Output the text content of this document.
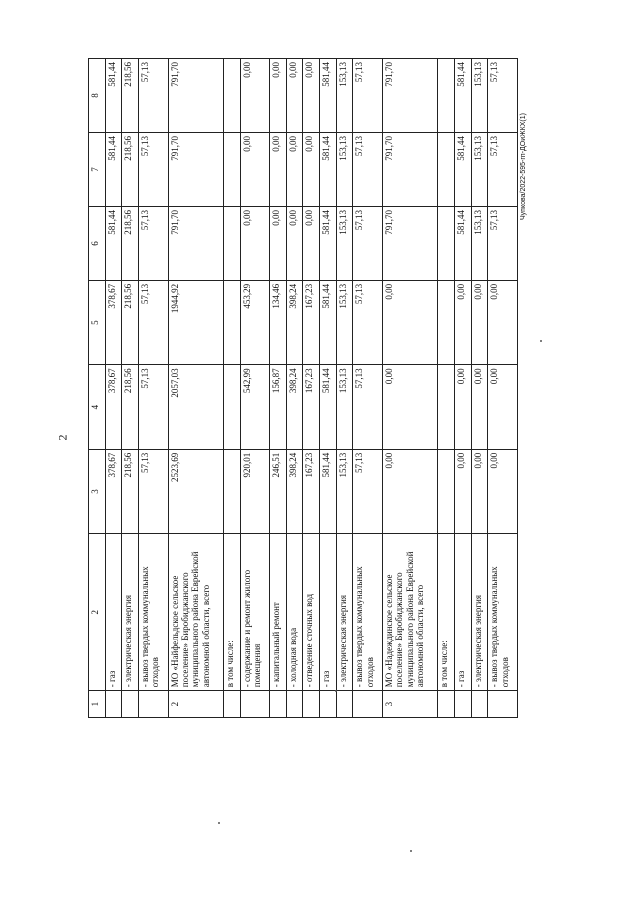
1	2	3	4	5	6	7	8
	- газ	378,67	378,67	378,67	581,44	581,44	581,44
	- электрическая энергия	218,56	218,56	218,56	218,56	218,56	218,56
	- вывоз твердых коммунальных отходов	57,13	57,13	57,13	57,13	57,13	57,13
2	МО «Найфельдское сельское поселение» Биробиджанского муниципального района Еврейской автономной области, всего	2523,69	2057,03	1944,92	791,70	791,70	791,70
	в том числе:						
	- содержание и ремонт жилого помещения	920,01	542,99	453,29	0,00	0,00	0,00
	- капитальный ремонт	246,51	156,87	134,46	0,00	0,00	0,00
	- холодная вода	398,24	398,24	398,24	0,00	0,00	0,00
	- отведение сточных вод	167,23	167,23	167,23	0,00	0,00	0,00
	- газ	581,44	581,44	581,44	581,44	581,44	581,44
	- электрическая энергия	153,13	153,13	153,13	153,13	153,13	153,13
	- вывоз твердых коммунальных отходов	57,13	57,13	57,13	57,13	57,13	57,13
3	МО «Надеждинское сельское поселение» Биробиджанского муниципального района Еврейской автономной области, всего	0,00	0,00	0,00	791,70	791,70	791,70
	в том числе:						
	- газ	0,00	0,00	0,00	581,44	581,44	581,44
	- электрическая энергия	0,00	0,00	0,00	153,13	153,13	153,13
	- вывоз твердых коммунальных отходов	0,00	0,00	0,00	57,13	57,13	57,13
2
Чупкова/2022-595-гп-ДОиЖКХ(1)
